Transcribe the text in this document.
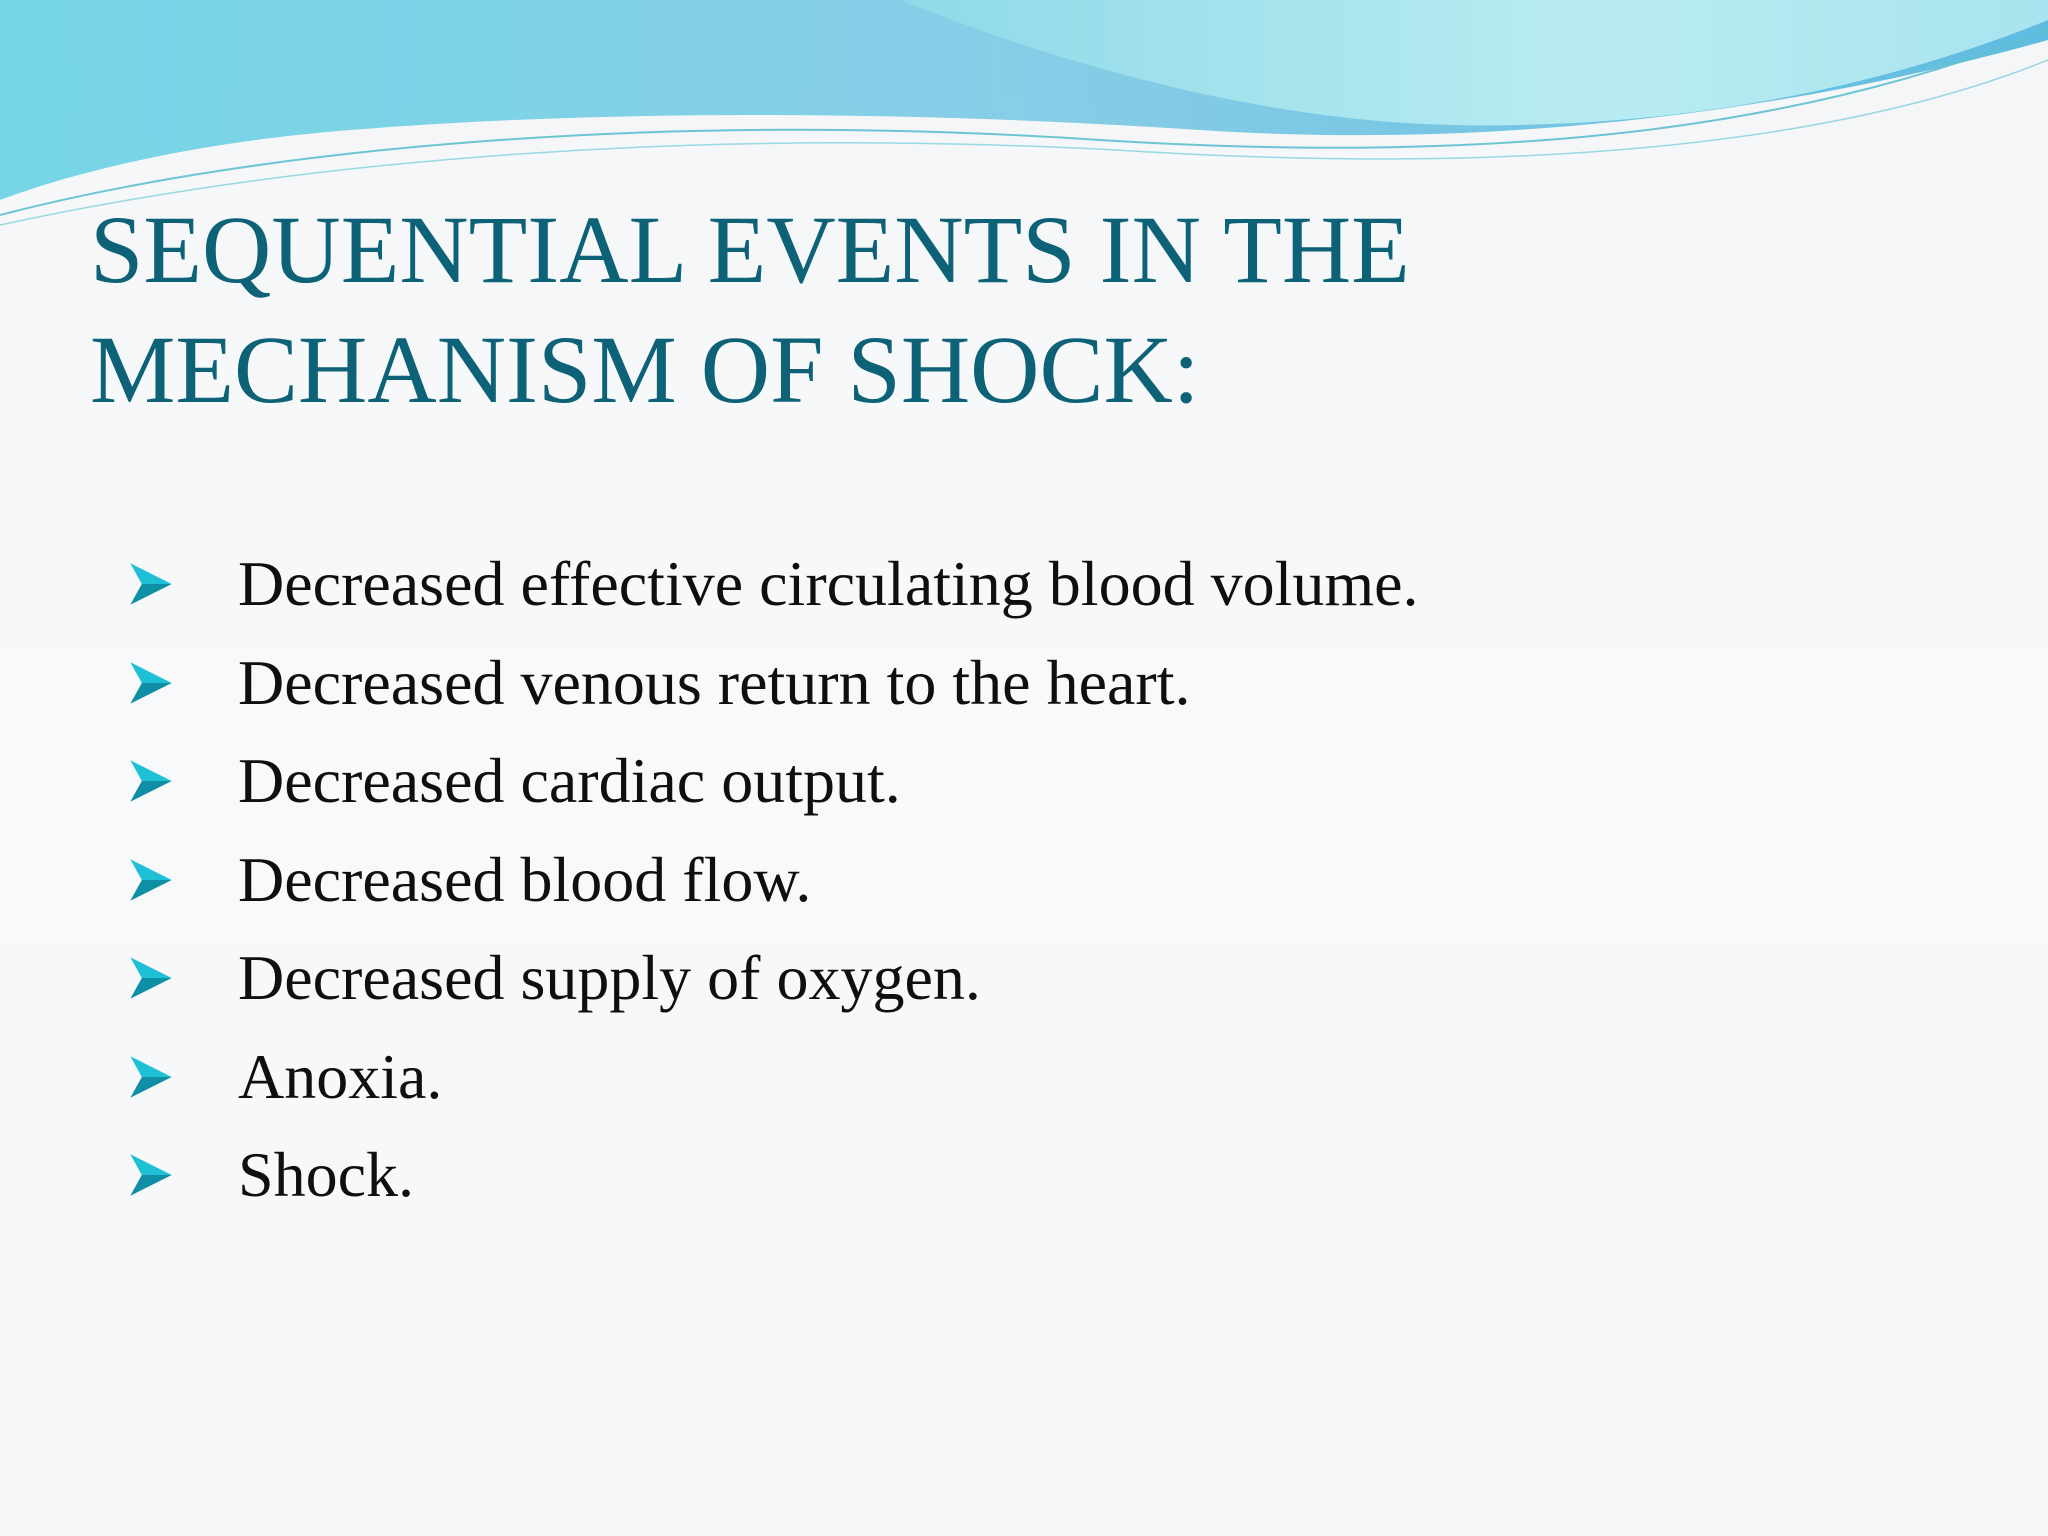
SEQUENTIAL EVENTS IN THE
MECHANISM OF SHOCK:
Decreased effective circulating blood volume.
Decreased venous return to the heart.
Decreased cardiac output.
Decreased blood flow.
Decreased supply of oxygen.
Anoxia.
Shock.
